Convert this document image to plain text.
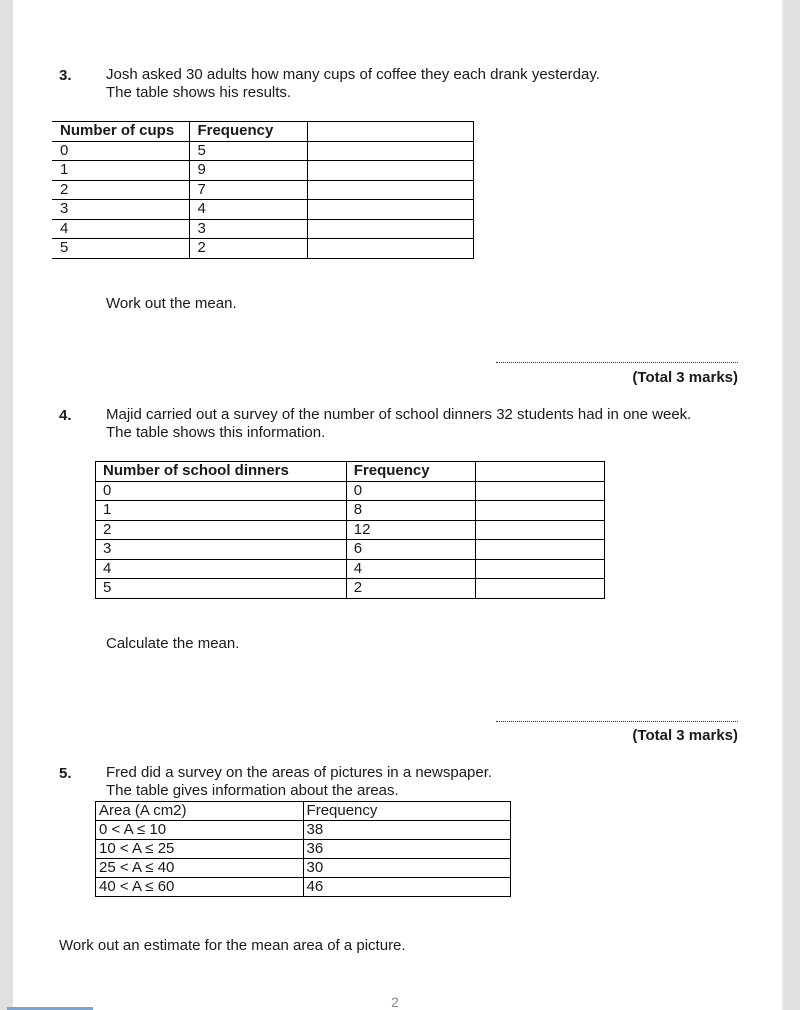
3. Josh asked 30 adults how many cups of coffee they each drank yesterday.
The table shows his results.
Number of cups	Frequency	
0	5	
1	9	
2	7	
3	4	
4	3	
5	2	
Work out the mean.
(Total 3 marks)
4. Majid carried out a survey of the number of school dinners 32 students had in one week.
The table shows this information.
Number of school dinners	Frequency	
0	0	
1	8	
2	12	
3	6	
4	4	
5	2	
Calculate the mean.
(Total 3 marks)
5. Fred did a survey on the areas of pictures in a newspaper.
The table gives information about the areas.
Area (A cm2)	Frequency
0 < A ≤ 10	38
10 < A ≤ 25	36
25 < A ≤ 40	30
40 < A ≤ 60	46
Work out an estimate for the mean area of a picture.
2
